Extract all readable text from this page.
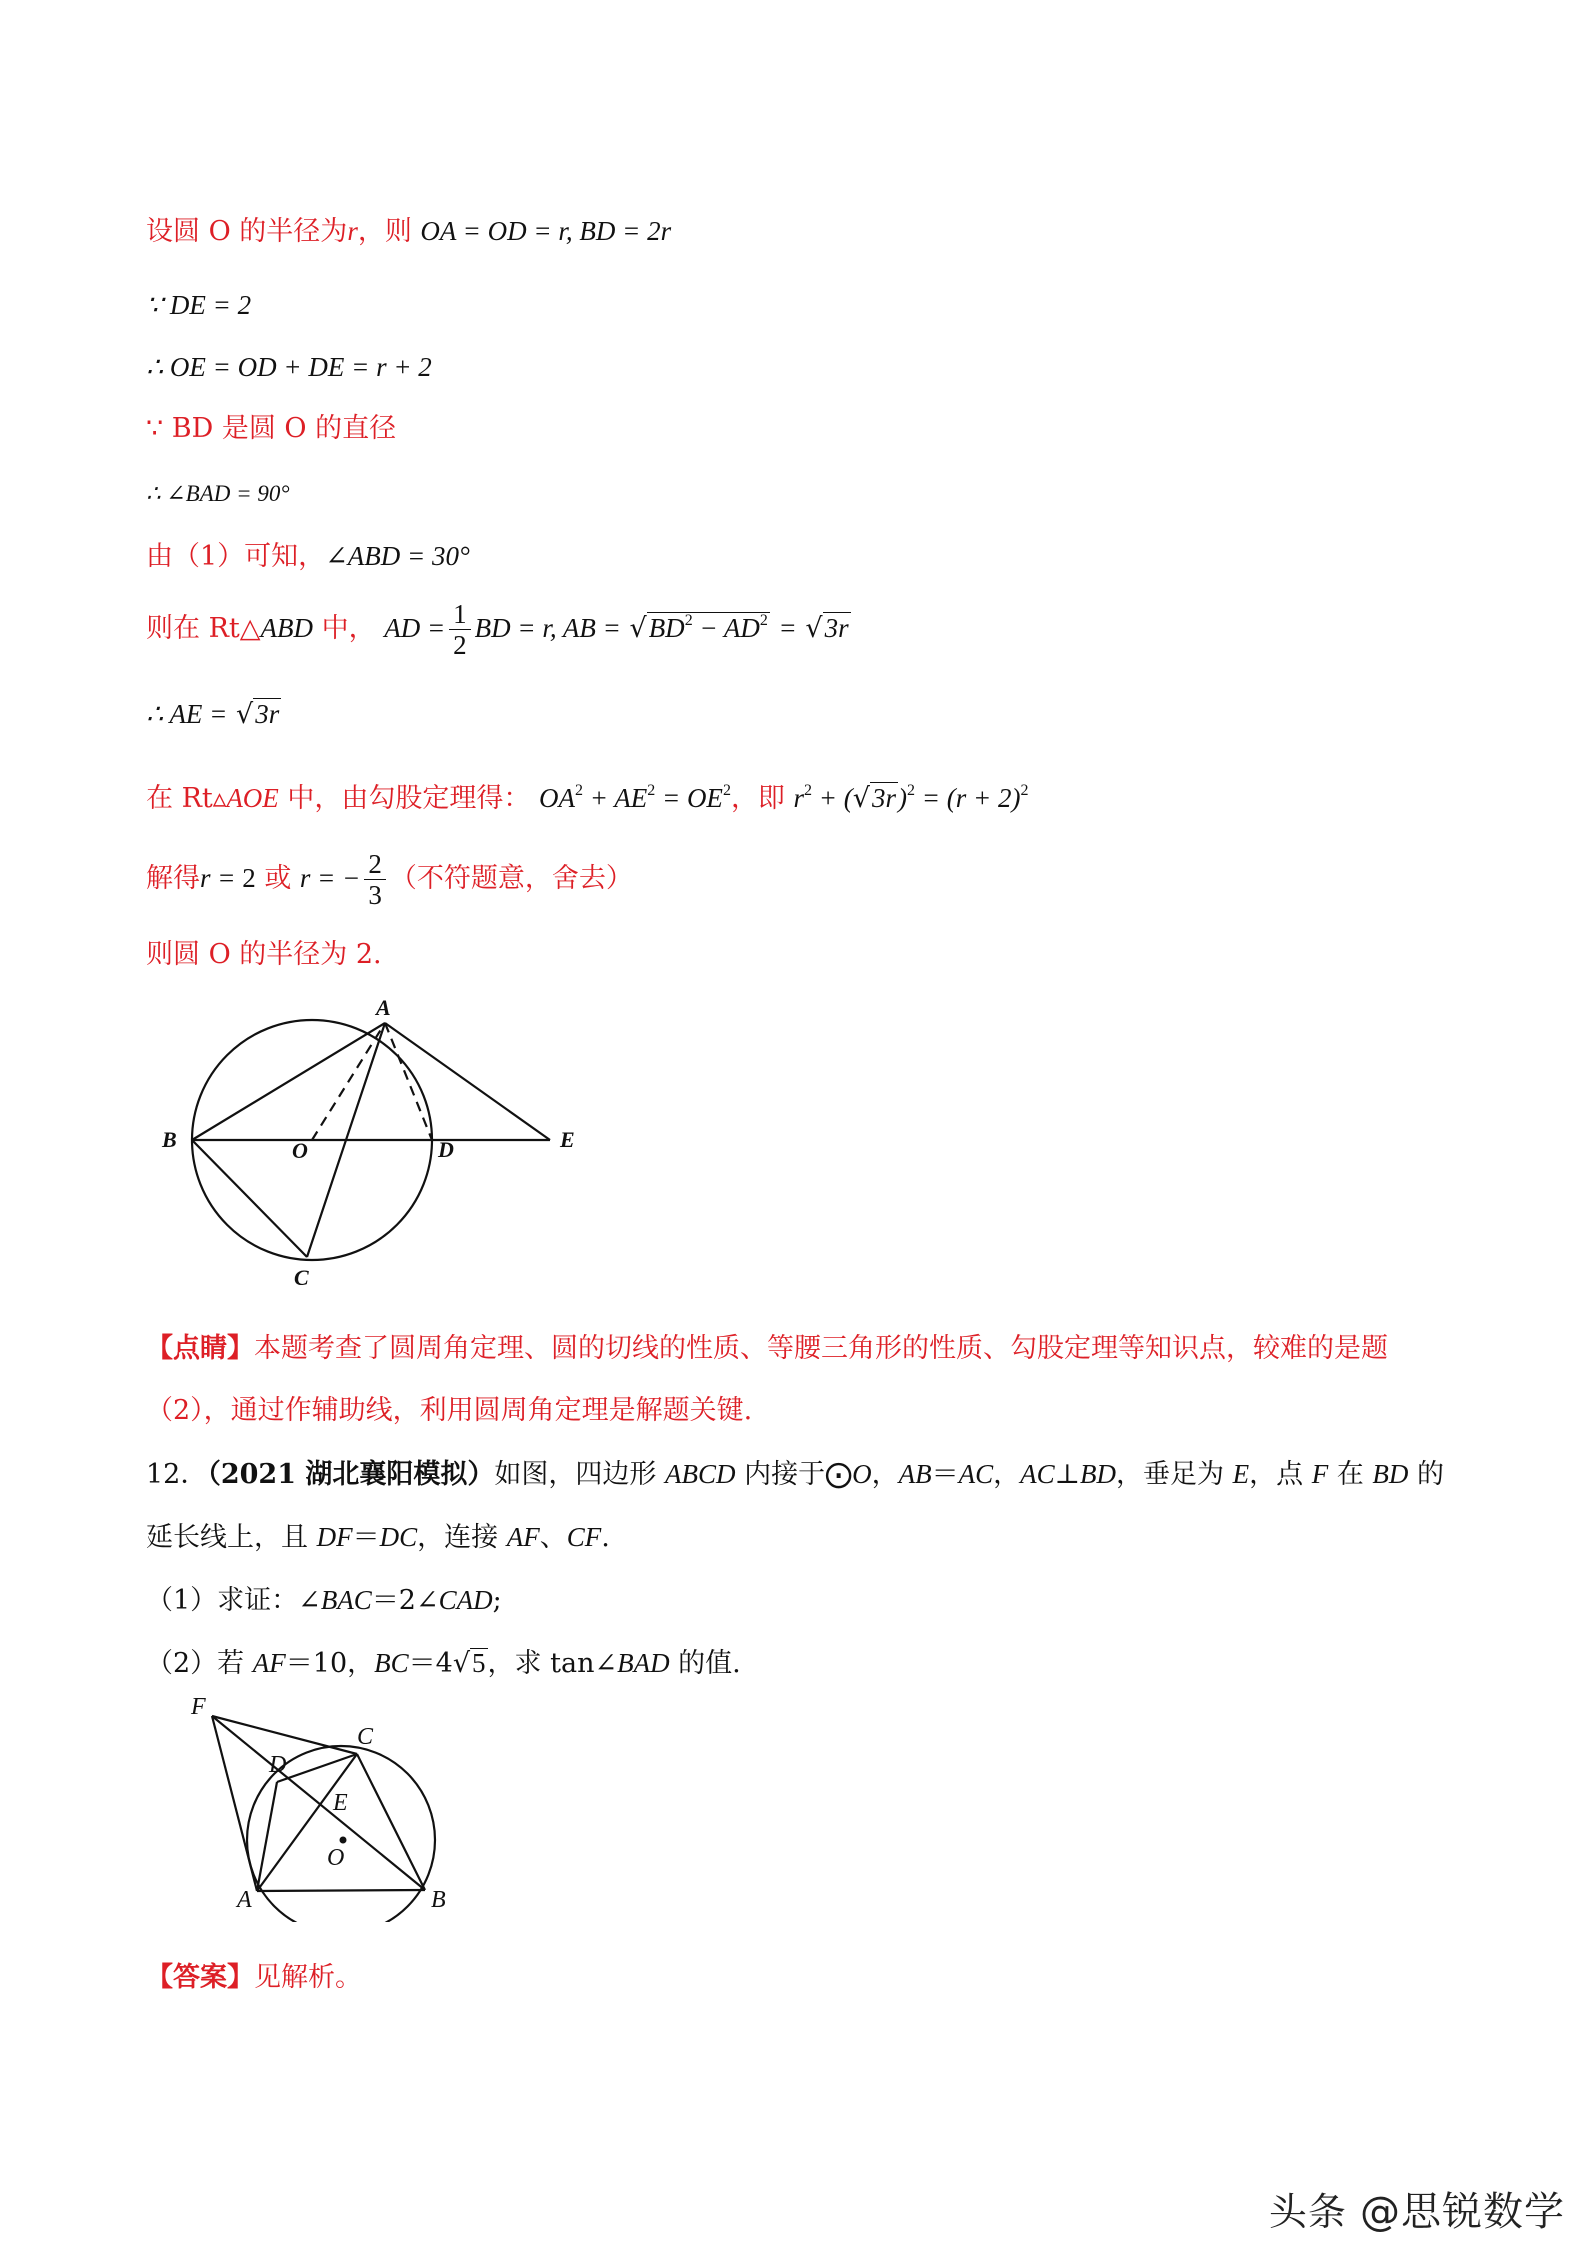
设圆 O 的半径为r，则 OA = OD = r, BD = 2r
∵ DE = 2
∴ OE = OD + DE = r + 2
∵ BD 是圆 O 的直径
∴ ∠BAD = 90°
由（1）可知，∠ABD = 30°
则在 Rt△ABD 中， AD = $\frac{1}{2}$ BD = r, AB = $√BD^2 - AD^2 = √3r$
∴ AE = √3r
在 Rt▵AOE 中，由勾股定理得： $OA^2 + AE^2 = OE^2$，即 $r^2 + (√3r)^2 = (r + 2)^2$
解得r = 2 或 r = − $\frac{2}{3}$ （不符题意，舍去）
则圆 O 的半径为 2.
A
B
C
D	E
O
【点睛】本题考查了圆周角定理、圆的切线的性质、等腰三角形的性质、勾股定理等知识点，较难的是题
（2），通过作辅助线，利用圆周角定理是解题关键.
12．（2021 湖北襄阳模拟）如图，四边形 ABCD 内接于⨀O，AB＝AC，AC⊥BD，垂足为 E，点 F 在 BD 的
延长线上，且 DF＝DC，连接 AF、CF.
（1）求证：∠BAC＝2∠CAD;
（2）若 AF＝10，BC＝4√5，求 tan∠BAD 的值.
F
D
C
E
O
A	B
【答案】见解析。
头条 @思锐数学
